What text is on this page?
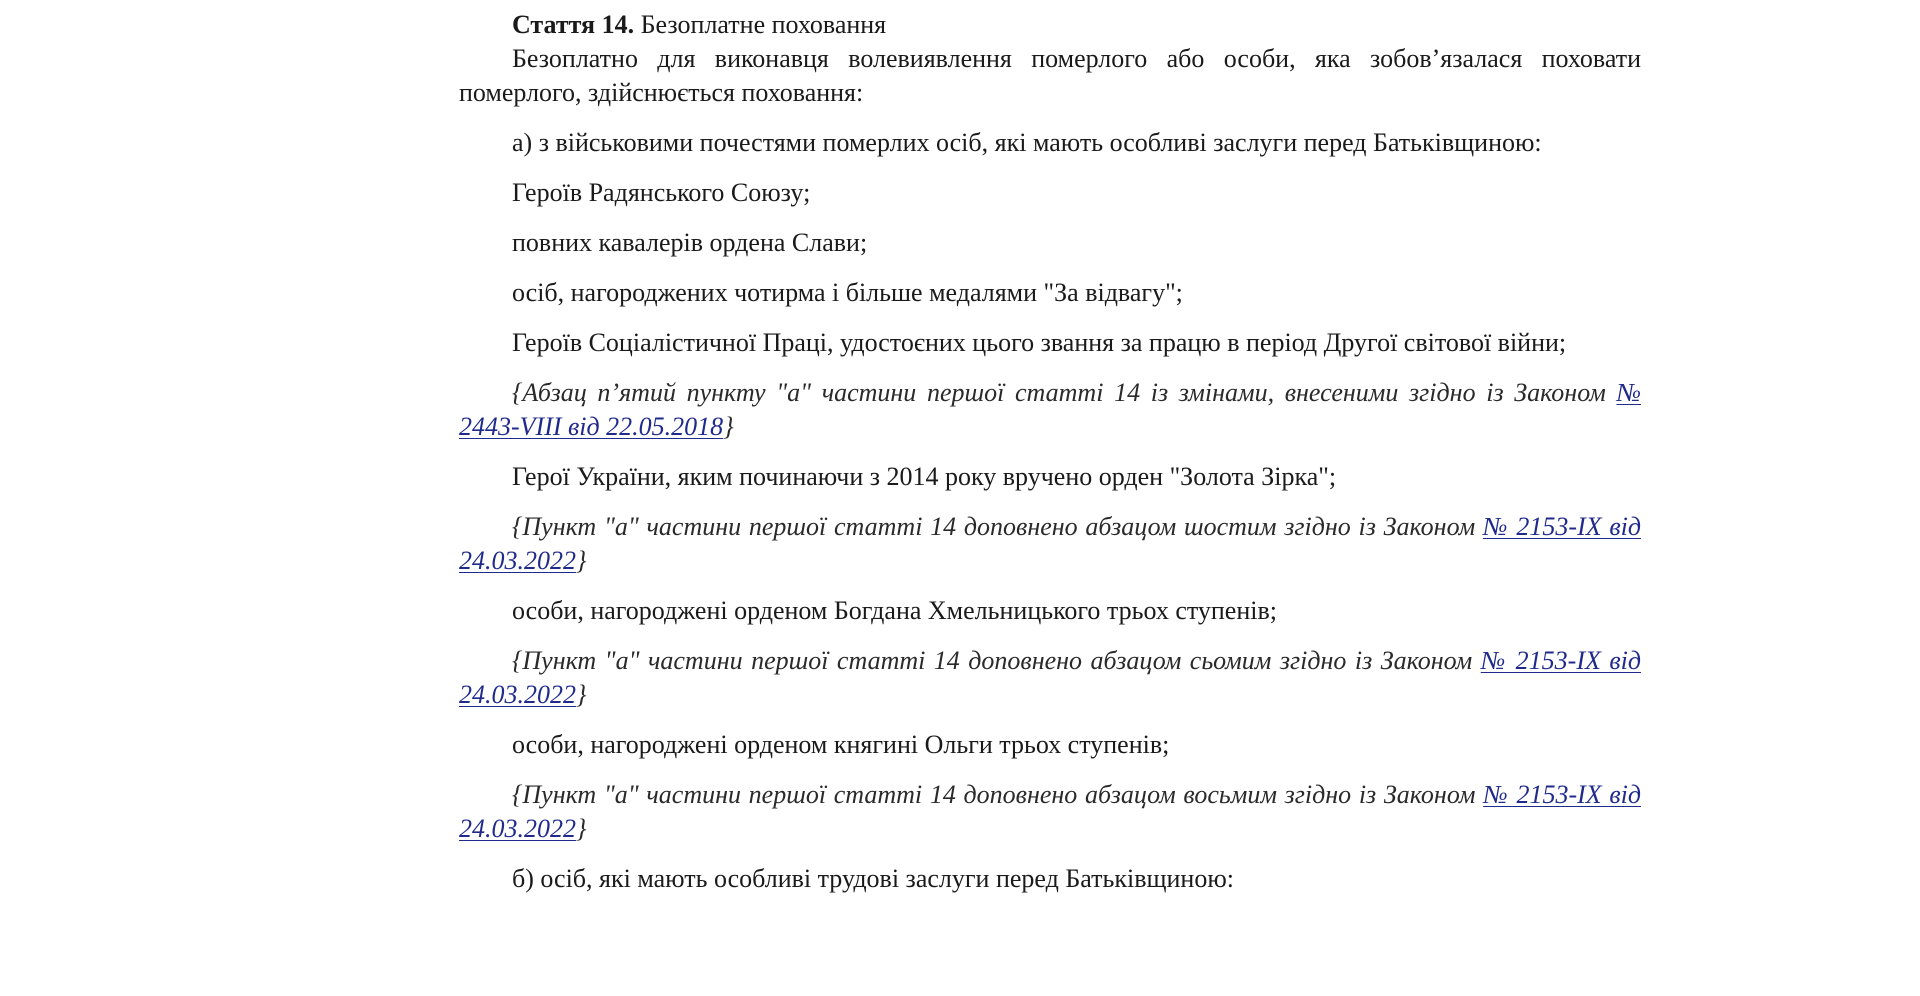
Стаття 14. Безоплатне поховання

Безоплатно для виконавця волевиявлення померлого або особи, яка зобов’язалася поховати померлого, здійснюється поховання:

а) з військовими почестями померлих осіб, які мають особливі заслуги перед Батьківщиною:

Героїв Радянського Союзу;

повних кавалерів ордена Слави;

осіб, нагороджених чотирма і більше медалями "За відвагу";

Героїв Соціалістичної Праці, удостоєних цього звання за працю в період Другої світової війни;

{Абзац п’ятий пункту "а" частини першої статті 14 із змінами, внесеними згідно із Законом № 2443-VIII від 22.05.2018}

Герої України, яким починаючи з 2014 року вручено орден "Золота Зірка";

{Пункт "а" частини першої статті 14 доповнено абзацом шостим згідно із Законом № 2153-IX від 24.03.2022}

особи, нагороджені орденом Богдана Хмельницького трьох ступенів;

{Пункт "а" частини першої статті 14 доповнено абзацом сьомим згідно із Законом № 2153-IX від 24.03.2022}

особи, нагороджені орденом княгині Ольги трьох ступенів;

{Пункт "а" частини першої статті 14 доповнено абзацом восьмим згідно із Законом № 2153-IX від 24.03.2022}

б) осіб, які мають особливі трудові заслуги перед Батьківщиною:
